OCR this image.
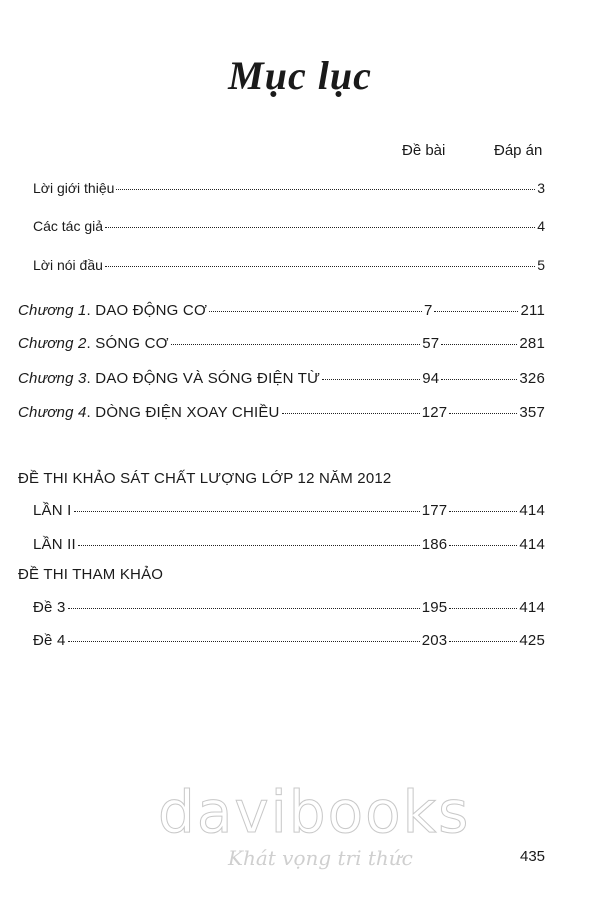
Mục lục
Đề bài	Đáp án
Lời giới thiệu	3
Các tác giả	4
Lời nói đầu	5
Chương 1 . DAO ĐỘNG CƠ	7	211
Chương 2 . SÓNG CƠ	57	281
Chương 3 . DAO ĐỘNG VÀ SÓNG ĐIỆN TỪ	94	326
Chương 4 . DÒNG ĐIỆN XOAY CHIỀU	127	357
ĐỀ THI KHẢO SÁT CHẤT LƯỢNG LỚP 12 NĂM 2012
LẦN I	177	414
LẦN II	186	414
ĐỀ THI THAM KHẢO
Đề 3	195	414
Đề 4	203	425
davibooks
Khát vọng tri thức	435
